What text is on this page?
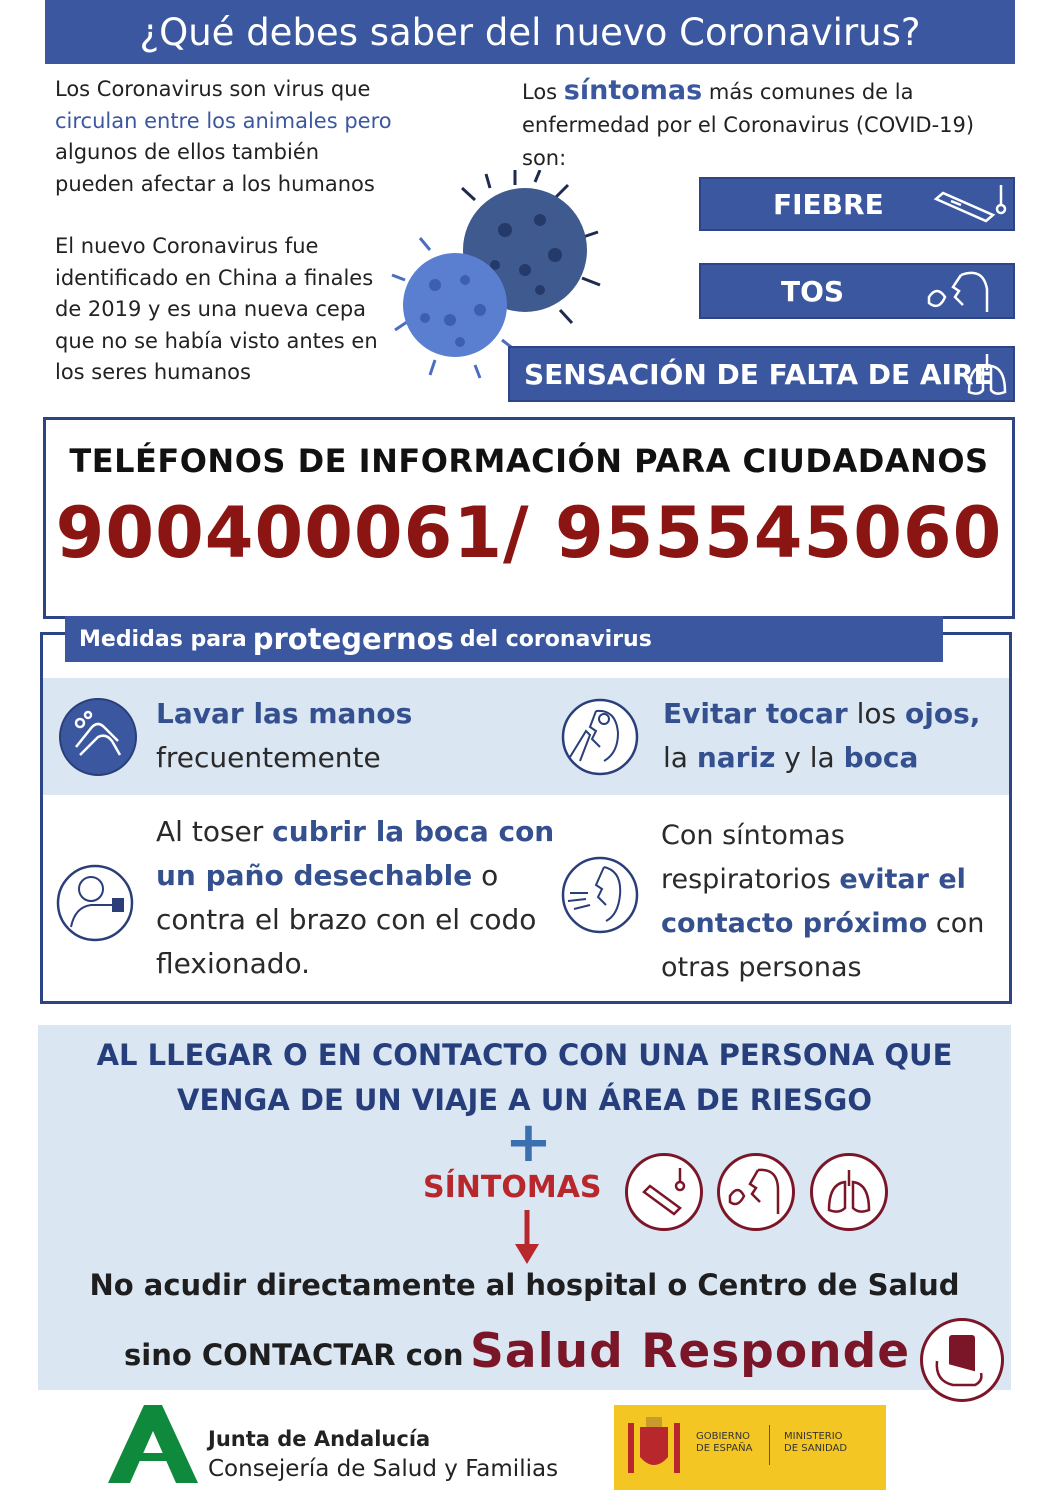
¿Qué debes saber del nuevo Coronavirus?
Los Coronavirus son virus que
circulan entre los animales pero
algunos de ellos también
pueden afectar a los humanos
El nuevo Coronavirus fue
identificado en China a finales
de 2019 y es una nueva cepa
que no se había visto antes en
los seres humanos
Los síntomas más comunes de la
enfermedad por el Coronavirus (COVID-19)
son:
FIEBRE
TOS
SENSACIÓN DE FALTA DE AIRE
TELÉFONOS DE INFORMACIÓN PARA CIUDADANOS
900400061/ 955545060
Medidas para protegernos del coronavirus
Lavar las manos
frecuentemente
Evitar tocar los ojos,
la nariz y la boca
Al toser cubrir la boca con
un paño desechable o
contra el brazo con el codo
flexionado.
Con síntomas
respiratorios evitar el
contacto próximo con
otras personas
AL LLEGAR O EN CONTACTO CON UNA PERSONA QUE
VENGA DE UN VIAJE A UN ÁREA DE RIESGO
+
SÍNTOMAS
No acudir directamente al hospital o Centro de Salud
sino CONTACTAR con Salud Responde
Junta de Andalucía
Consejería de Salud y Familias
GOBIERNO
DE ESPAÑA
MINISTERIO
DE SANIDAD
